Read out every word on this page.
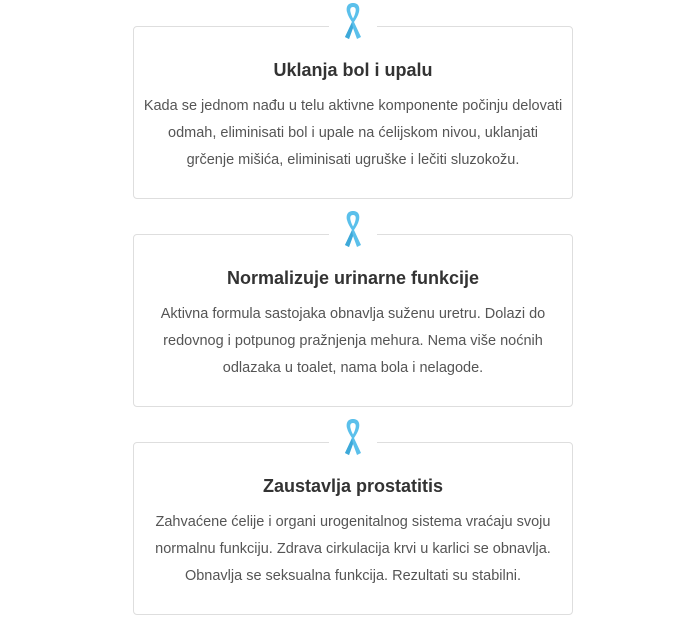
Uklanja bol i upalu
Kada se jednom nađu u telu aktivne komponente počinju delovati odmah, eliminisati bol i upale na ćelijskom nivou, uklanjati grčenje mišića, eliminisati ugruške i lečiti sluzokožu.
Normalizuje urinarne funkcije
Aktivna formula sastojaka obnavlja suženu uretru. Dolazi do redovnog i potpunog pražnjenja mehura. Nema više noćnih odlazaka u toalet, nama bola i nelagode.
Zaustavlja prostatitis
Zahvaćene ćelije i organi urogenitalnog sistema vraćaju svoju normalnu funkciju. Zdrava cirkulacija krvi u karlici se obnavlja. Obnavlja se seksualna funkcija. Rezultati su stabilni.
